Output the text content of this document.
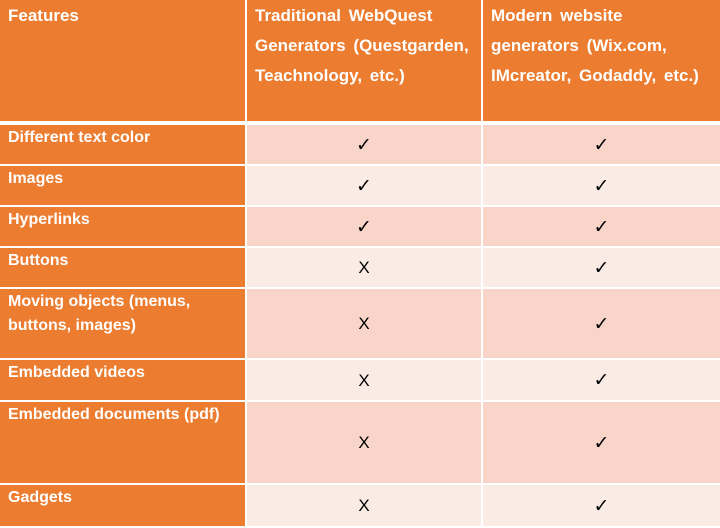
Features	Traditional WebQuest Generators (Questgarden, Teachnology, etc.)	Modern website generators (Wix.com, IMcreator, Godaddy, etc.)
Different text color	✓	✓
Images	✓	✓
Hyperlinks	✓	✓
Buttons	X	✓
Moving objects (menus, buttons, images)	X	✓
Embedded videos	X	✓
Embedded documents (pdf)	X	✓
Gadgets	X	✓
